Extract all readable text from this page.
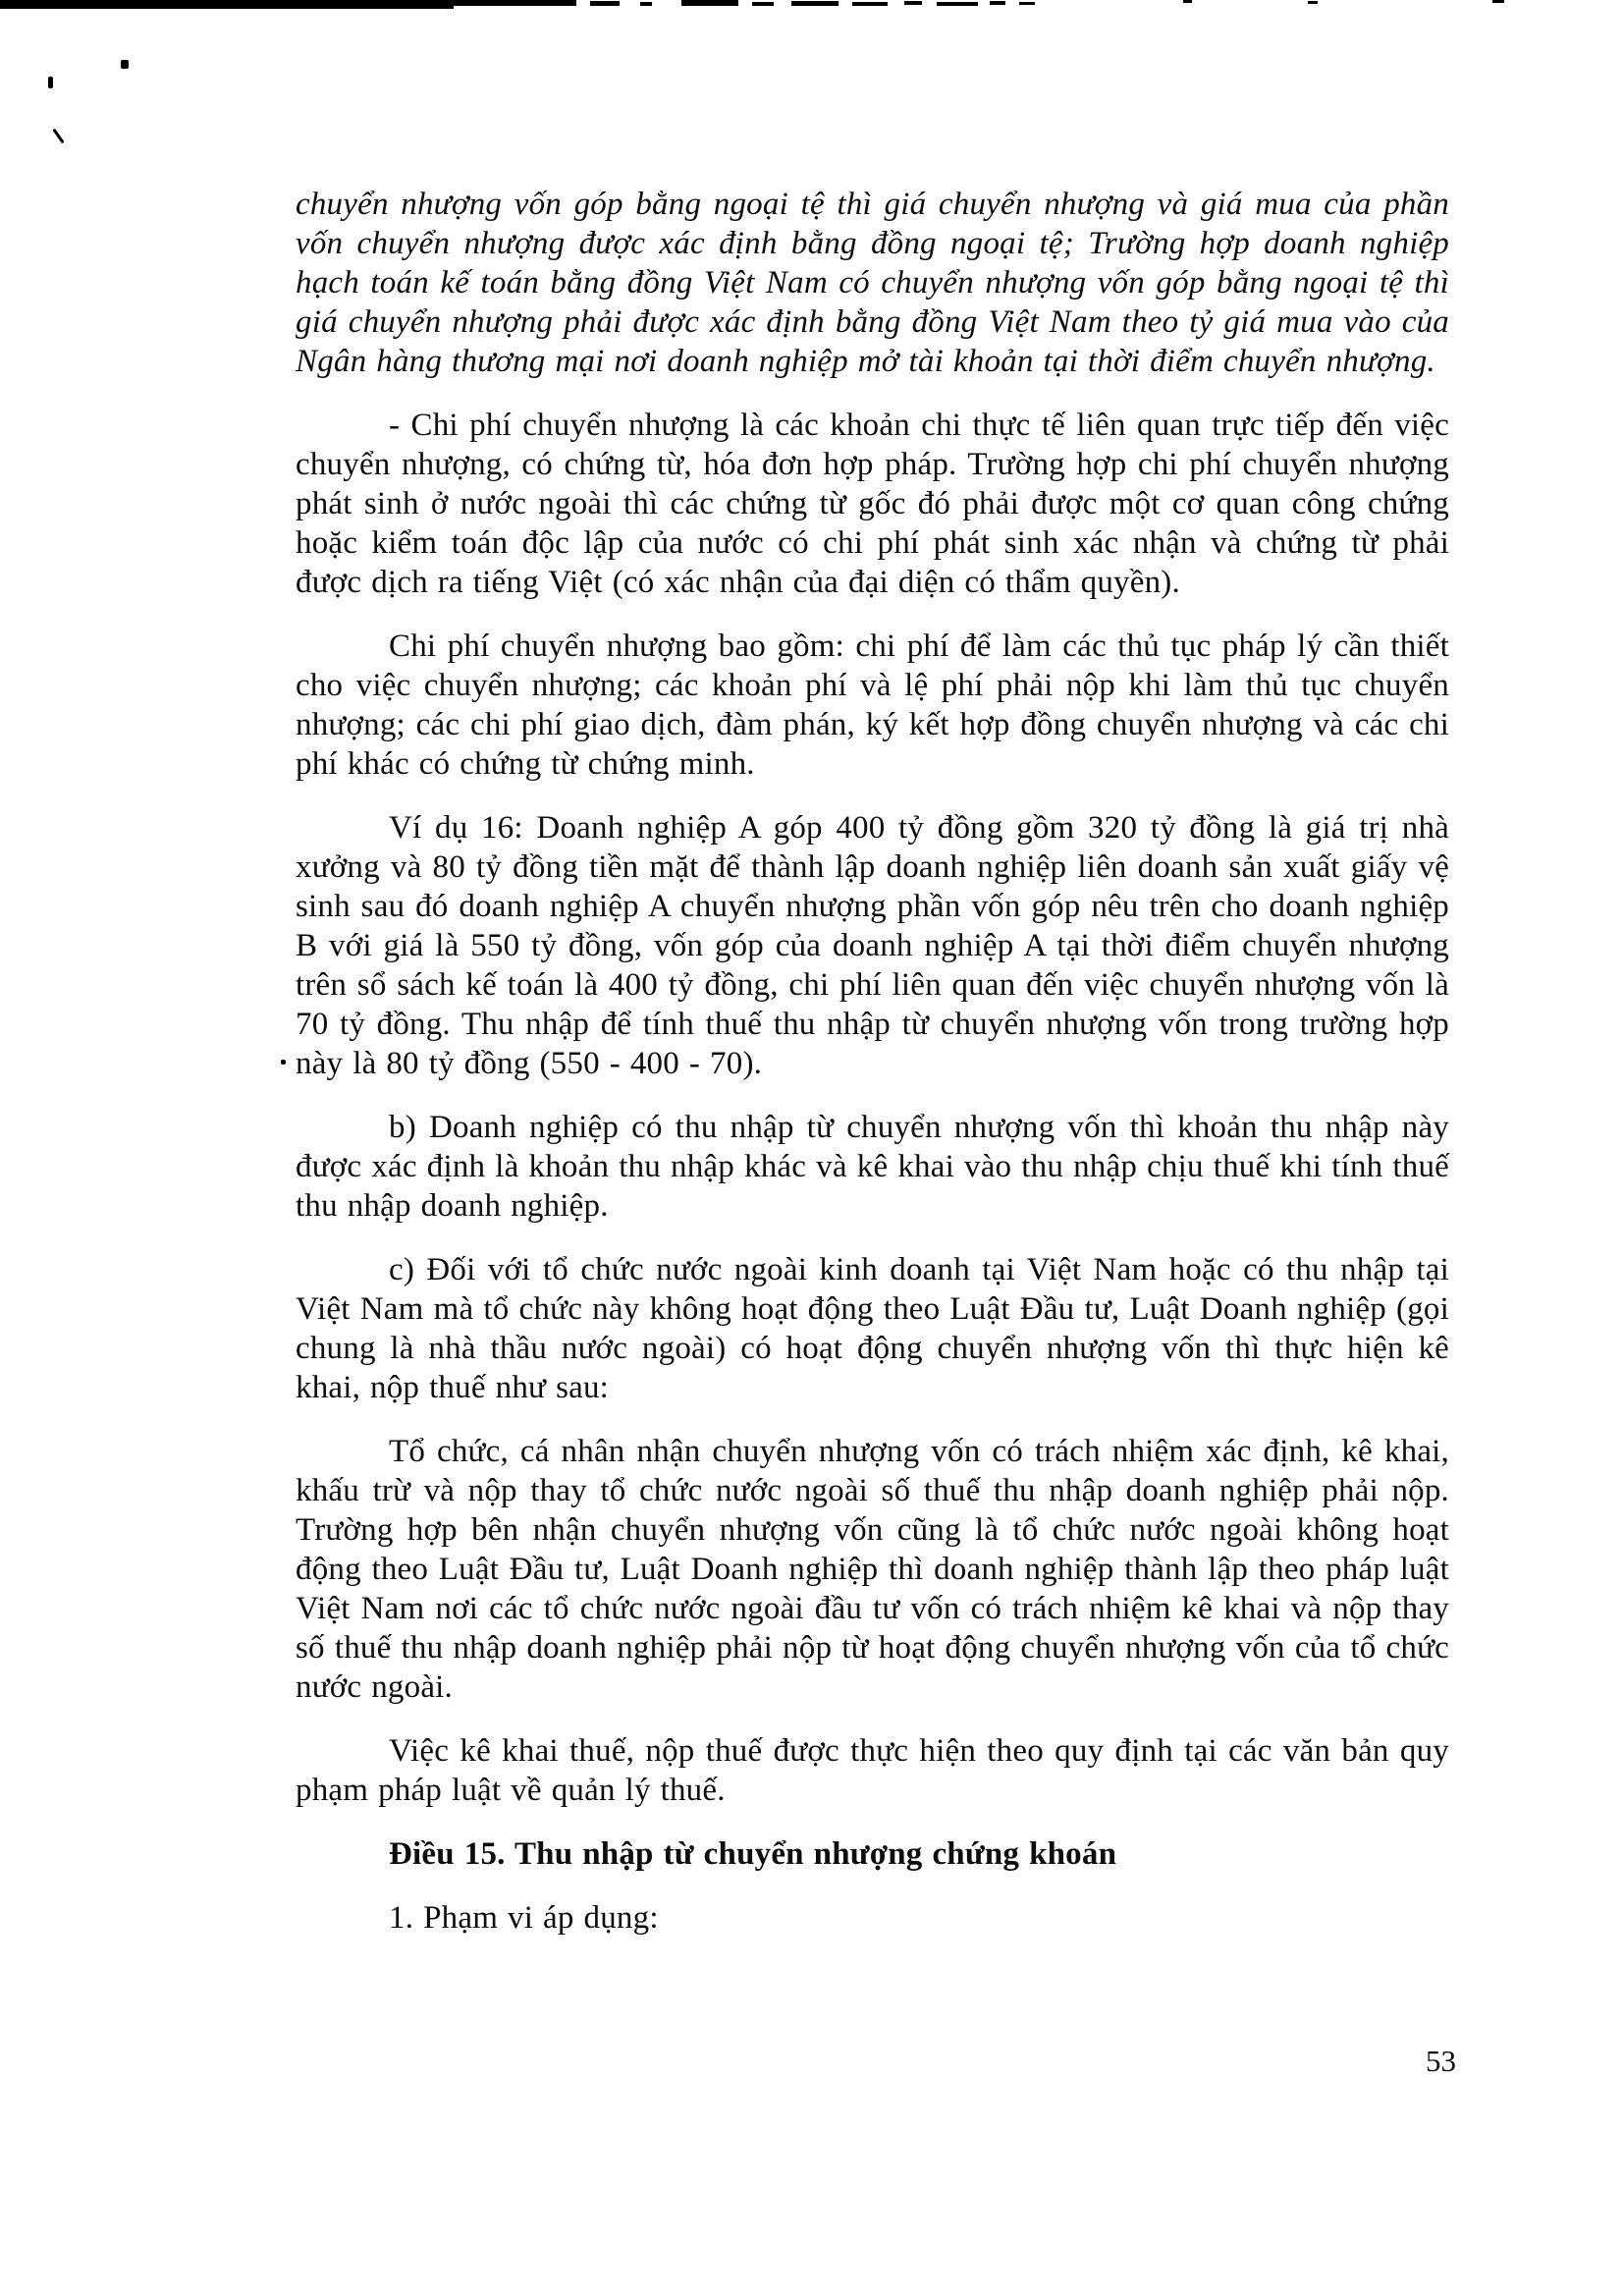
chuyển nhượng vốn góp bằng ngoại tệ thì giá chuyển nhượng và giá mua của phần vốn chuyển nhượng được xác định bằng đồng ngoại tệ; Trường hợp doanh nghiệp hạch toán kế toán bằng đồng Việt Nam có chuyển nhượng vốn góp bằng ngoại tệ thì giá chuyển nhượng phải được xác định bằng đồng Việt Nam theo tỷ giá mua vào của Ngân hàng thương mại nơi doanh nghiệp mở tài khoản tại thời điểm chuyển nhượng.

- Chi phí chuyển nhượng là các khoản chi thực tế liên quan trực tiếp đến việc chuyển nhượng, có chứng từ, hóa đơn hợp pháp. Trường hợp chi phí chuyển nhượng phát sinh ở nước ngoài thì các chứng từ gốc đó phải được một cơ quan công chứng hoặc kiểm toán độc lập của nước có chi phí phát sinh xác nhận và chứng từ phải được dịch ra tiếng Việt (có xác nhận của đại diện có thẩm quyền).

Chi phí chuyển nhượng bao gồm: chi phí để làm các thủ tục pháp lý cần thiết cho việc chuyển nhượng; các khoản phí và lệ phí phải nộp khi làm thủ tục chuyển nhượng; các chi phí giao dịch, đàm phán, ký kết hợp đồng chuyển nhượng và các chi phí khác có chứng từ chứng minh.

Ví dụ 16: Doanh nghiệp A góp 400 tỷ đồng gồm 320 tỷ đồng là giá trị nhà xưởng và 80 tỷ đồng tiền mặt để thành lập doanh nghiệp liên doanh sản xuất giấy vệ sinh sau đó doanh nghiệp A chuyển nhượng phần vốn góp nêu trên cho doanh nghiệp B với giá là 550 tỷ đồng, vốn góp của doanh nghiệp A tại thời điểm chuyển nhượng trên sổ sách kế toán là 400 tỷ đồng, chi phí liên quan đến việc chuyển nhượng vốn là 70 tỷ đồng. Thu nhập để tính thuế thu nhập từ chuyển nhượng vốn trong trường hợp này là 80 tỷ đồng (550 - 400 - 70).

b) Doanh nghiệp có thu nhập từ chuyển nhượng vốn thì khoản thu nhập này được xác định là khoản thu nhập khác và kê khai vào thu nhập chịu thuế khi tính thuế thu nhập doanh nghiệp.

c) Đối với tổ chức nước ngoài kinh doanh tại Việt Nam hoặc có thu nhập tại Việt Nam mà tổ chức này không hoạt động theo Luật Đầu tư, Luật Doanh nghiệp (gọi chung là nhà thầu nước ngoài) có hoạt động chuyển nhượng vốn thì thực hiện kê khai, nộp thuế như sau:

Tổ chức, cá nhân nhận chuyển nhượng vốn có trách nhiệm xác định, kê khai, khấu trừ và nộp thay tổ chức nước ngoài số thuế thu nhập doanh nghiệp phải nộp. Trường hợp bên nhận chuyển nhượng vốn cũng là tổ chức nước ngoài không hoạt động theo Luật Đầu tư, Luật Doanh nghiệp thì doanh nghiệp thành lập theo pháp luật Việt Nam nơi các tổ chức nước ngoài đầu tư vốn có trách nhiệm kê khai và nộp thay số thuế thu nhập doanh nghiệp phải nộp từ hoạt động chuyển nhượng vốn của tổ chức nước ngoài.

Việc kê khai thuế, nộp thuế được thực hiện theo quy định tại các văn bản quy phạm pháp luật về quản lý thuế.

Điều 15. Thu nhập từ chuyển nhượng chứng khoán

1. Phạm vi áp dụng:

53
